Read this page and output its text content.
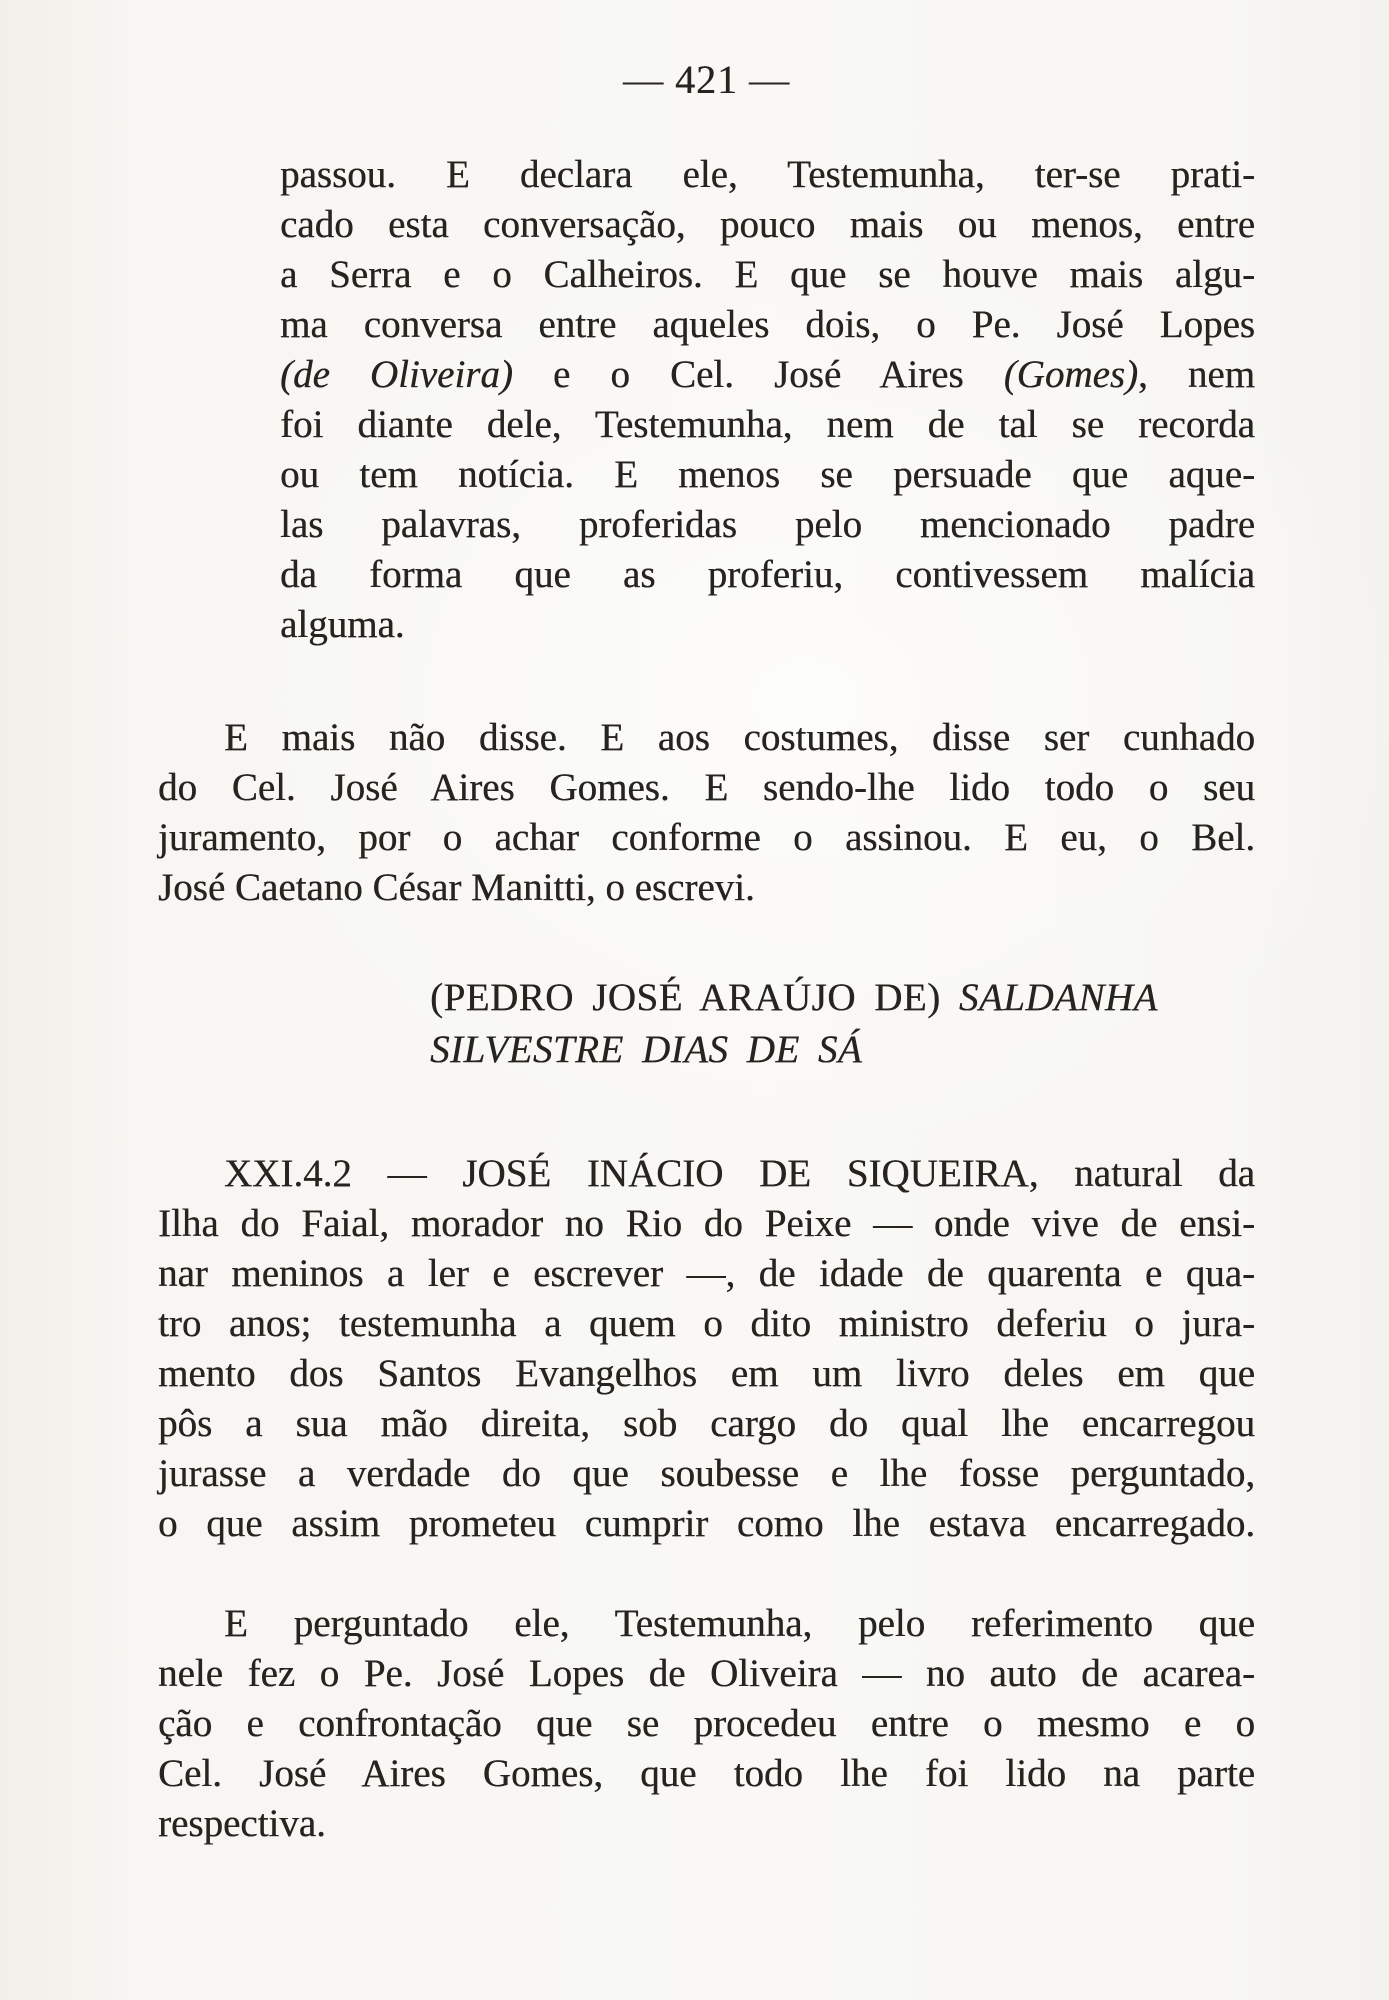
— 421 —
passou. E declara ele, Testemunha, ter-se prati-
cado esta conversação, pouco mais ou menos, entre
a Serra e o Calheiros. E que se houve mais algu-
ma conversa entre aqueles dois, o Pe. José Lopes
(de Oliveira) e o Cel. José Aires (Gomes), nem
foi diante dele, Testemunha, nem de tal se recorda
ou tem notícia. E menos se persuade que aque-
las palavras, proferidas pelo mencionado padre
da forma que as proferiu, contivessem malícia
alguma.
E mais não disse. E aos costumes, disse ser cunhado
do Cel. José Aires Gomes. E sendo-lhe lido todo o seu
juramento, por o achar conforme o assinou. E eu, o Bel.
José Caetano César Manitti, o escrevi.
(PEDRO JOSÉ ARAÚJO DE) SALDANHA
SILVESTRE DIAS DE SÁ
XXI.4.2 — JOSÉ INÁCIO DE SIQUEIRA, natural da
Ilha do Faial, morador no Rio do Peixe — onde vive de ensi-
nar meninos a ler e escrever —, de idade de quarenta e qua-
tro anos; testemunha a quem o dito ministro deferiu o jura-
mento dos Santos Evangelhos em um livro deles em que
pôs a sua mão direita, sob cargo do qual lhe encarregou
jurasse a verdade do que soubesse e lhe fosse perguntado,
o que assim prometeu cumprir como lhe estava encarregado.
E perguntado ele, Testemunha, pelo referimento que
nele fez o Pe. José Lopes de Oliveira — no auto de acarea-
ção e confrontação que se procedeu entre o mesmo e o
Cel. José Aires Gomes, que todo lhe foi lido na parte
respectiva.
